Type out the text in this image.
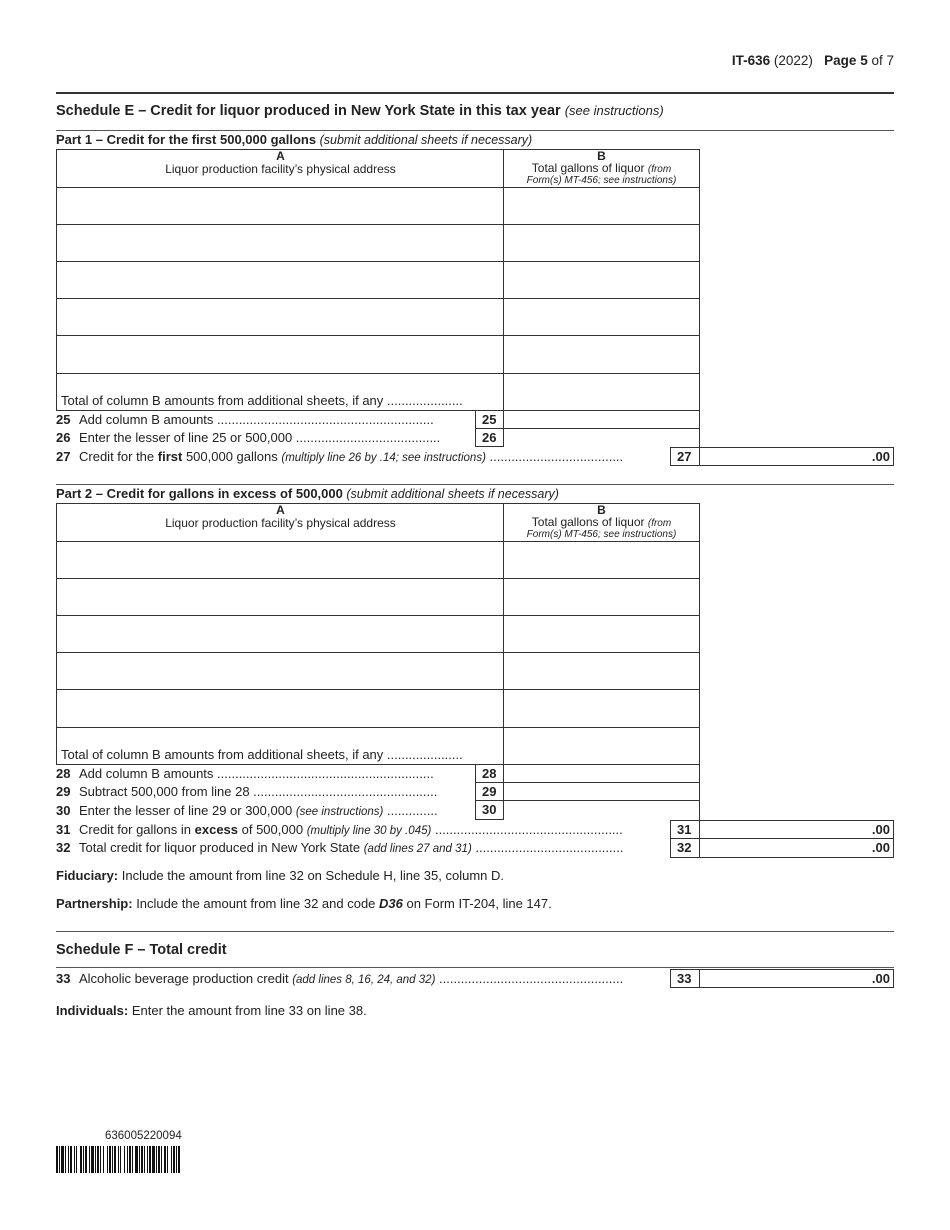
IT-636 (2022) Page 5 of 7
Schedule E – Credit for liquor produced in New York State in this tax year (see instructions)
Part 1 – Credit for the first 500,000 gallons (submit additional sheets if necessary)
A
Liquor production facility’s physical address
B
Total gallons of liquor (from
Form(s) MT-456; see instructions)
Total of column B amounts from additional sheets, if any .....................
25 Add column B amounts ............................................................	25
26 Enter the lesser of line 25 or 500,000 ........................................	26
27 Credit for the first 500,000 gallons (multiply line 26 by .14; see instructions) .....................................	27	.00
Part 2 – Credit for gallons in excess of 500,000 (submit additional sheets if necessary)
A
Liquor production facility’s physical address
B
Total gallons of liquor (from
Form(s) MT-456; see instructions)
Total of column B amounts from additional sheets, if any .....................
28 Add column B amounts ............................................................	28
29 Subtract 500,000 from line 28 ...................................................	29
30 Enter the lesser of line 29 or 300,000 (see instructions) ..............	30
31 Credit for gallons in excess of 500,000 (multiply line 30 by .045) ....................................................	31	.00
32 Total credit for liquor produced in New York State (add lines 27 and 31) .........................................	32	.00
Fiduciary: Include the amount from line 32 on Schedule H, line 35, column D.
Partnership: Include the amount from line 32 and code D36 on Form IT-204, line 147.
Schedule F – Total credit
33 Alcoholic beverage production credit (add lines 8, 16, 24, and 32) ...................................................	33	.00
Individuals: Enter the amount from line 33 on line 38.
636005220094
